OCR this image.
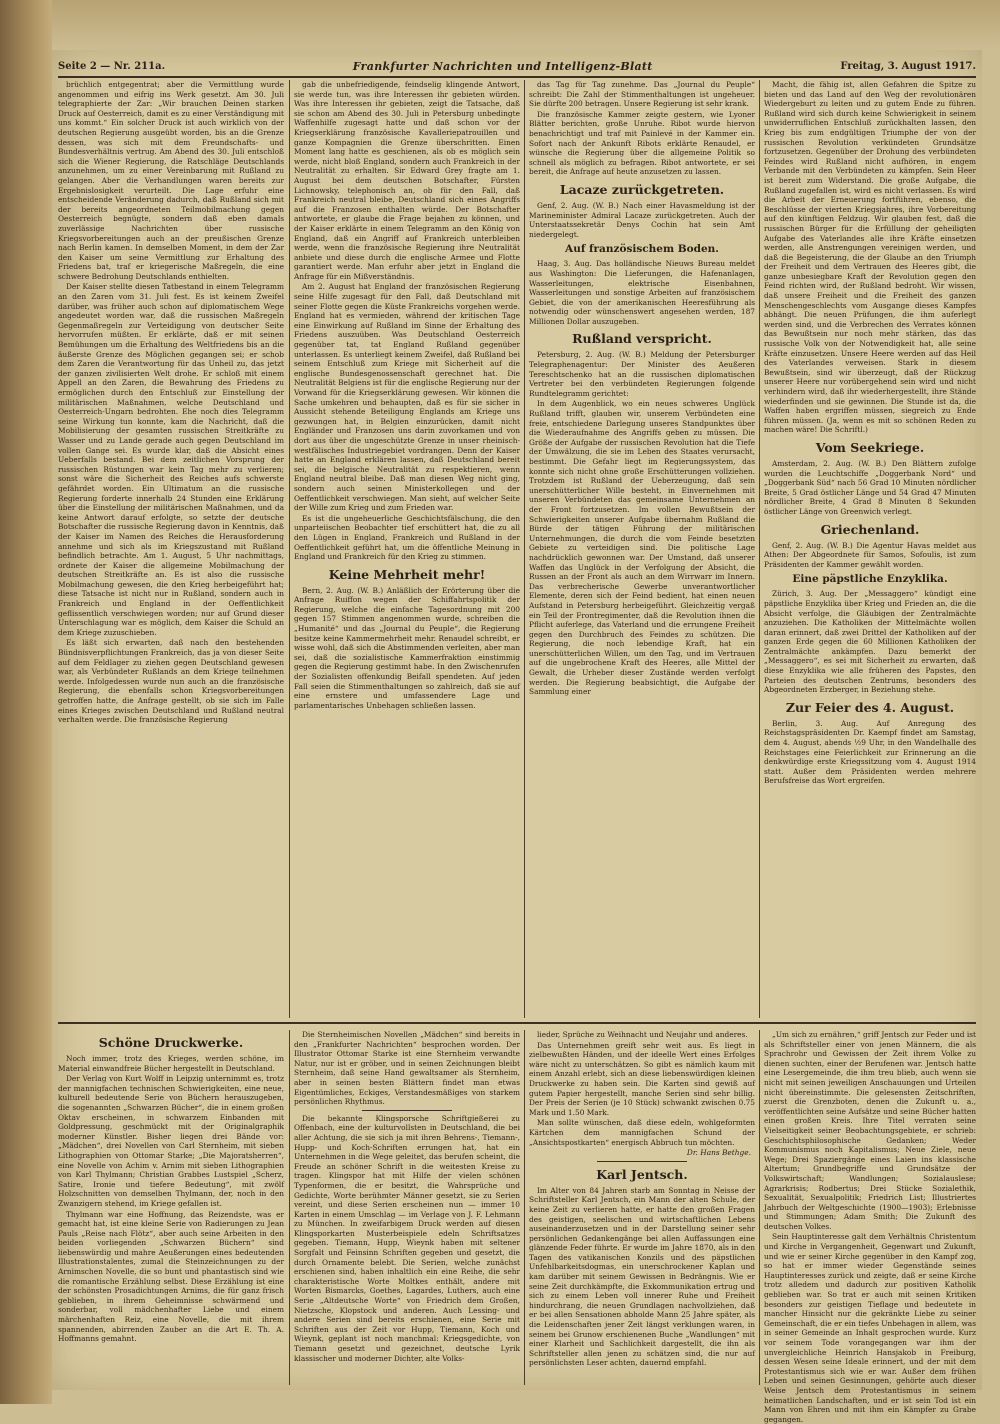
Seite 2 — Nr. 211a.	Frankfurter Nachrichten und Intelligenz-Blatt	Freitag, 3. August 1917.

brüchlich entgegentrat; aber die Vermittlung wurde angenommen und eifrig ins Werk gesetzt. Am 30. Juli telegraphierte der Zar: „Wir brauchen Deinen starken Druck auf Oesterreich, damit es zu einer Verständigung mit uns kommt.“ Ein solcher Druck ist auch wirklich von der deutschen Regierung ausgeübt worden, bis an die Grenze dessen, was sich mit dem Freundschafts- und Bundesverhältnis vertrug. Am Abend des 30. Juli entschloß sich die Wiener Regierung, die Ratschläge Deutschlands anzunehmen, um zu einer Vereinbarung mit Rußland zu gelangen. Aber die Verhandlungen waren bereits zur Ergebnislosigkeit verurteilt. Die Lage erfuhr eine entscheidende Veränderung dadurch, daß Rußland sich mit der bereits angeordneten Teilmobilmachung gegen Oesterreich begnügte, sondern daß eben damals zuverlässige Nachrichten über russische Kriegsvorbereitungen auch an der preußischen Grenze nach Berlin kamen. In demselben Moment, in dem der Zar den Kaiser um seine Vermittlung zur Erhaltung des Friedens bat, traf er kriegerische Maßregeln, die eine schwere Bedrohung Deutschlands enthielten.

Der Kaiser stellte diesen Tatbestand in einem Telegramm an den Zaren vom 31. Juli fest. Es ist keinem Zweifel darüber, was früher auch schon auf diplomatischem Wege angedeutet worden war, daß die russischen Maßregeln Gegenmaßregeln zur Verteidigung von deutscher Seite hervorrufen müßten. Er erklärte, daß er mit seinen Bemühungen um die Erhaltung des Weltfriedens bis an die äußerste Grenze des Möglichen gegangen sei; er schob dem Zaren die Verantwortung für das Unheil zu, das jetzt der ganzen zivilisierten Welt drohe. Er schloß mit einem Appell an den Zaren, die Bewahrung des Friedens zu ermöglichen durch den Entschluß zur Einstellung der militärischen Maßnahmen, welche Deutschland und Oesterreich-Ungarn bedrohten. Ehe noch dies Telegramm seine Wirkung tun konnte, kam die Nachricht, daß die Mobilisierung der gesamten russischen Streitkräfte zu Wasser und zu Lande gerade auch gegen Deutschland im vollen Gange sei. Es wurde klar, daß die Absicht eines Ueberfalls bestand. Bei dem zeitlichen Vorsprung der russischen Rüstungen war kein Tag mehr zu verlieren; sonst wäre die Sicherheit des Reiches aufs schwerste gefährdet worden. Ein Ultimatum an die russische Regierung forderte innerhalb 24 Stunden eine Erklärung über die Einstellung der militärischen Maßnahmen, und da keine Antwort darauf erfolgte, so setzte der deutsche Botschafter die russische Regierung davon in Kenntnis, daß der Kaiser im Namen des Reiches die Herausforderung annehme und sich als im Kriegszustand mit Rußland befindlich betrachte. Am 1. August, 5 Uhr nachmittags, ordnete der Kaiser die allgemeine Mobilmachung der deutschen Streitkräfte an. Es ist also die russische Mobilmachung gewesen, die den Krieg herbeigeführt hat; diese Tatsache ist nicht nur in Rußland, sondern auch in Frankreich und England in der Oeffentlichkeit geflissentlich verschwiegen worden; nur auf Grund dieser Unterschlagung war es möglich, dem Kaiser die Schuld an dem Kriege zuzuschieben.

Es läßt sich erwarten, daß nach den bestehenden Bündnisverpflichtungen Frankreich, das ja von dieser Seite auf dem Feldlager zu ziehen gegen Deutschland gewesen war, als Verbündeter Rußlands an dem Kriege teilnehmen werde. Infolgedessen wurde nun auch an die französische Regierung, die ebenfalls schon Kriegsvorbereitungen getroffen hatte, die Anfrage gestellt, ob sie sich im Falle eines Krieges zwischen Deutschland und Rußland neutral verhalten werde. Die französische Regierung

gab die unbefriedigende, feindselig klingende Antwort, sie werde tun, was ihre Interessen ihr gebieten würden. Was ihre Interessen ihr gebieten, zeigt die Tatsache, daß sie schon am Abend des 30. Juli in Petersburg unbedingte Waffenhilfe zugesagt hatte und daß schon vor der Kriegserklärung französische Kavalleriepatrouillen und ganze Kompagnien die Grenze überschritten. Einen Moment lang hatte es geschienen, als ob es möglich sein werde, nicht bloß England, sondern auch Frankreich in der Neutralität zu erhalten. Sir Edward Grey fragte am 1. August bei dem deutschen Botschafter, Fürsten Lichnowsky, telephonisch an, ob für den Fall, daß Frankreich neutral bleibe, Deutschland sich eines Angriffs auf die Franzosen enthalten würde. Der Botschafter antwortete, er glaube die Frage bejahen zu können, und der Kaiser erklärte in einem Telegramm an den König von England, daß ein Angriff auf Frankreich unterbleiben werde, wenn die französische Regierung ihre Neutralität anbiete und diese durch die englische Armee und Flotte garantiert werde. Man erfuhr aber jetzt in England die Anfrage für ein Mißverständnis.

Am 2. August hat England der französischen Regierung seine Hilfe zugesagt für den Fall, daß Deutschland mit seiner Flotte gegen die Küste Frankreichs vorgehen werde. England hat es vermieden, während der kritischen Tage eine Einwirkung auf Rußland im Sinne der Erhaltung des Friedens auszuüben. Was Deutschland Oesterreich gegenüber tat, tat England Rußland gegenüber unterlassen. Es unterliegt keinem Zweifel, daß Rußland bei seinem Entschluß zum Kriege mit Sicherheit auf die englische Bundesgenossenschaft gerechnet hat. Die Neutralität Belgiens ist für die englische Regierung nur der Vorwand für die Kriegserklärung gewesen. Wir können die Sache umkehren und behaupten, daß es für sie sicher in Aussicht stehende Beteiligung Englands am Kriege uns gezwungen hat, in Belgien einzurücken, damit nicht Engländer und Franzosen uns darin zuvorkamen und von dort aus über die ungeschützte Grenze in unser rheinisch-westfälisches Industriegebiet vordrangen. Denn der Kaiser hatte an England erklären lassen, daß Deutschland bereit sei, die belgische Neutralität zu respektieren, wenn England neutral bleibe. Daß man diesen Weg nicht ging, sondern auch seinen Ministerkollegen und der Oeffentlichkeit verschwiegen. Man sieht, auf welcher Seite der Wille zum Krieg und zum Frieden war.

Es ist die ungeheuerliche Geschichtsfälschung, die den unparteiischen Beobachter tief erschüttert hat, die zu all den Lügen in England, Frankreich und Rußland in der Oeffentlichkeit geführt hat, um die öffentliche Meinung in England und Frankreich für den Krieg zu stimmen.

Keine Mehrheit mehr!

Bern, 2. Aug. (W. B.) Anläßlich der Erörterung über die Anfrage Ruiffon wegen der Schiffahrtspolitik der Regierung, welche die einfache Tagesordnung mit 200 gegen 157 Stimmen angenommen wurde, schreiben die „Humanité“ und das „Journal du Peuple“, die Regierung besitze keine Kammermehrheit mehr. Renaudel schreibt, er wisse wohl, daß sich die Abstimmenden verleiten, aber man sei, daß die sozialistische Kammerfraktion einstimmig gegen die Regierung gestimmt habe. In den Zwischenrufen der Sozialisten offenkundig Beifall spendeten. Auf jeden Fall seien die Stimmenthaltungen so zahlreich, daß sie auf eine ernstere und umfassendere Lage und parlamentarisches Unbehagen schließen lassen.

das Tag für Tag zunehme. Das „Journal du Peuple“ schreibt: Die Zahl der Stimmenthaltungen ist ungeheuer. Sie dürfte 200 betragen. Unsere Regierung ist sehr krank.

Die französische Kammer zeigte gestern, wie Lyoner Blätter berichten, große Unruhe. Ribot wurde hiervon benachrichtigt und traf mit Painlevé in der Kammer ein. Sofort nach der Ankunft Ribots erklärte Renaudel, er wünsche die Regierung über die allgemeine Politik so schnell als möglich zu befragen. Ribot antwortete, er sei bereit, die Anfrage auf heute anzusetzen zu lassen.

Lacaze zurückgetreten.

Genf, 2. Aug. (W. B.) Nach einer Havasmeldung ist der Marineminister Admiral Lacaze zurückgetreten. Auch der Unterstaatssekretär Denys Cochin hat sein Amt niedergelegt.

Auf französischem Boden.

Haag, 3. Aug. Das holländische Nieuws Bureau meldet aus Washington: Die Lieferungen, die Hafenanlagen, Wasserleitungen, elektrische Eisenbahnen, Wasserleitungen und sonstige Arbeiten auf französischem Gebiet, die von der amerikanischen Heeresführung als notwendig oder wünschenswert angesehen werden, 187 Millionen Dollar auszugeben.

Rußland verspricht.

Petersburg, 2. Aug. (W. B.) Meldung der Petersburger Telegraphenagentur: Der Minister des Aeußeren Tereschtschenko hat an die russischen diplomatischen Vertreter bei den verbündeten Regierungen folgende Rundtelegramm gerichtet:

In dem Augenblick, wo ein neues schweres Unglück Rußland trifft, glauben wir, unserem Verbündeten eine freie, entschiedene Darlegung unseres Standpunktes über die Wiederaufnahme des Angriffs geben zu müssen. Die Größe der Aufgabe der russischen Revolution hat die Tiefe der Umwälzung, die sie im Leben des Staates verursacht, bestimmt. Die Gefahr liegt im Regierungssystem, das konnte sich nicht ohne große Erschütterungen vollziehen. Trotzdem ist Rußland der Ueberzeugung, daß sein unerschütterlicher Wille besteht, in Einvernehmen mit unseren Verbündeten das gemeinsame Unternehmen an der Front fortzusetzen. Im vollen Bewußtsein der Schwierigkeiten unserer Aufgabe übernahm Rußland die Bürde der tätigen Führung der militärischen Unternehmungen, die durch die vom Feinde besetzten Gebiete zu verteidigen sind. Die politische Lage nachdrücklich gewonnen war. Der Umstand, daß unserer Waffen das Unglück in der Verfolgung der Absicht, die Russen an der Front als auch an dem Wirrwarr im Innern. Das verbrecherische Gewerbe unverantwortlicher Elemente, deren sich der Feind bedient, hat einen neuen Aufstand in Petersburg herbeigeführt. Gleichzeitig vergaß ein Teil der Frontregimenter, daß die Revolution ihnen die Pflicht auferlege, das Vaterland und die errungene Freiheit gegen den Durchbruch des Feindes zu schützen. Die Regierung, die noch lebendige Kraft, hat ein unerschütterlichen Willen, um den Tag, und im Vertrauen auf die ungebrochene Kraft des Heeres, alle Mittel der Gewalt, die Urheber dieser Zustände werden verfolgt werden. Die Regierung beabsichtigt, die Aufgabe der Sammlung einer

Macht, die fähig ist, allen Gefahren die Spitze zu bieten und das Land auf den Weg der revolutionären Wiedergeburt zu leiten und zu gutem Ende zu führen. Rußland wird sich durch keine Schwierigkeit in seinem unwiderruflichen Entschluß zurückhalten lassen, den Krieg bis zum endgültigen Triumphe der von der russischen Revolution verkündeten Grundsätze fortzusetzen. Gegenüber der Drohung des verbündeten Feindes wird Rußland nicht aufhören, in engem Verbande mit den Verbündeten zu kämpfen. Sein Heer ist bereit zum Widerstand. Die große Aufgabe, die Rußland zugefallen ist, wird es nicht verlassen. Es wird die Arbeit der Erneuerung fortführen, ebenso, die Beschlüsse der vierten Kriegsjahres, ihre Vorbereitung auf den künftigen Feldzug. Wir glauben fest, daß die russischen Bürger für die Erfüllung der geheiligten Aufgabe des Vaterlandes alle ihre Kräfte einsetzen werden, alle Anstrengungen vereinigen werden, und daß die Begeisterung, die der Glaube an den Triumph der Freiheit und dem Vertrauen des Heeres gibt, die ganze unbesiegbare Kraft der Revolution gegen den Feind richten wird, der Rußland bedroht. Wir wissen, daß unsere Freiheit und die Freiheit des ganzen Menschengeschlechts vom Ausgange dieses Kampfes abhängt. Die neuen Prüfungen, die ihm auferlegt werden sind, und die Verbrechen des Verrates können das Bewußtsein nur noch mehr stärken, das das russische Volk von der Notwendigkeit hat, alle seine Kräfte einzusetzen. Unsere Heere werden auf das Heil des Vaterlandes verweisen. Stark in diesem Bewußtsein, sind wir überzeugt, daß der Rückzug unserer Heere nur vorübergehend sein wird und nicht verhindern wird, daß ihr wiederhergestellt, ihre Stände wiederfinden und sie gewinnen. Die Stunde ist da, die Waffen haben ergriffen müssen, siegreich zu Ende führen müssen. (Ja, wenn es mit so schönen Reden zu machen wäre! Die Schriftl.)

Vom Seekriege.

Amsterdam, 2. Aug. (W. B.) Den Blättern zufolge wurden die Leuchtschiffe „Doggerbank Nord“ und „Doggerbank Süd“ nach 56 Grad 10 Minuten nördlicher Breite, 5 Grad östlicher Länge und 54 Grad 47 Minuten nördlicher Breite, 4 Grad 8 Minuten 8 Sekunden östlicher Länge von Greenwich verlegt.

Griechenland.

Genf, 2. Aug. (W. B.) Die Agentur Havas meldet aus Athen: Der Abgeordnete für Samos, Sofoulis, ist zum Präsidenten der Kammer gewählt worden.

Eine päpstliche Enzyklika.

Zürich, 3. Aug. Der „Messaggero“ kündigt eine päpstliche Enzyklika über Krieg und Frieden an, die die Absicht verfolge, die Gläubigen der Zentralmächte anzuziehen. Die Katholiken der Mittelmächte wollen daran erinnert, daß zwei Drittel der Katholiken auf der ganzen Erde gegen die 60 Millionen Katholiken der Zentralmächte ankämpfen. Dazu bemerkt der „Messaggero“, es sei mit Sicherheit zu erwarten, daß diese Enzyklika wie alle früheren des Papstes, den Parteien des deutschen Zentrums, besonders des Abgeordneten Erzberger, in Beziehung stehe.

Zur Feier des 4. August.

Berlin, 3. Aug. Auf Anregung des Reichstagspräsidenten Dr. Kaempf findet am Samstag, dem 4. August, abends ½9 Uhr, in den Wandelhalle des Reichstages eine Feierlichkeit zur Erinnerung an die denkwürdige erste Kriegssitzung vom 4. August 1914 statt. Außer dem Präsidenten werden mehrere Berufsfreise das Wort ergreifen.

Schöne Druckwerke.

Noch immer, trotz des Krieges, werden schöne, im Material einwandfreie Bücher hergestellt in Deutschland.

Der Verlag von Kurt Wolff in Leipzig unternimmt es, trotz der mannigfachen technischen Schwierigkeiten, eine neue, kulturell bedeutende Serie von Büchern herauszugeben, die sogenannten „Schwarzen Bücher“, die in einem großen Oktav erscheinen, in schwarzem Einbanden mit Goldpressung, geschmückt mit der Originalgraphik moderner Künstler. Bisher liegen drei Bände vor: „Mädchen“, drei Novellen von Carl Sternheim, mit sieben Lithographien von Ottomar Starke; „Die Majoratsherren“, eine Novelle von Achim v. Arnim mit sieben Lithographien von Karl Thylmann; Christian Grabbes Lustspiel „Scherz, Satire, Ironie und tiefere Bedeutung“, mit zwölf Holzschnitten von demselben Thylmann, der, noch in den Zwanzigern stehend, im Kriege gefallen ist.

Thylmann war eine Hoffnung, das Reizendste, was er gemacht hat, ist eine kleine Serie von Radierungen zu Jean Pauls „Reise nach Flötz“, aber auch seine Arbeiten in den beiden vorliegenden „Schwarzen Büchern“ sind liebenswürdig und mahre Aeußerungen eines bedeutenden Illustrationstalentes, zumal die Steinzeichnungen zu der Arnimschen Novelle, die so bunt und phantastisch sind wie die romantische Erzählung selbst. Diese Erzählung ist eine der schönsten Prosadichtungen Arnims, die für ganz frisch geblieben, in ihrem Geheimnisse schwärmend und sonderbar, voll mädchenhafter Liebe und einem märchenhaften Reiz, eine Novelle, die mit ihrem spannenden, abirrenden Zauber an die Art E. Th. A. Hoffmanns gemahnt.

Die Sternheimischen Novellen „Mädchen“ sind bereits in den „Frankfurter Nachrichten“ besprochen worden. Der Illustrator Ottomar Starke ist eine Sternheim verwandte Natur, nur ist er gröber, und in seinen Zeichnungen bleibt Sternheim, daß seine Hand gewaltsamer als Sternheim, aber in seinen besten Blättern findet man etwas Eigentümliches, Eckiges, Verstandesmäßiges von starkem persönlichen Rhythmus.

Die bekannte Klingsporsche Schriftgießerei zu Offenbach, eine der kulturvollsten in Deutschland, die bei aller Achtung, die sie sich ja mit ihren Behrens-, Tiemann-, Hupp- und Koch-Schriften errungen hat, hat ein Unternehmen in die Wege geleitet, das berufen scheint, die Freude an schöner Schrift in die weitesten Kreise zu tragen. Klingspor hat mit Hilfe der vielen schönen Typenformen, die er besitzt, die Wahrsprüche und Gedichte, Worte berühmter Männer gesetzt, sie zu Serien vereint, und diese Serien erscheinen nun — immer 10 Karten in einem Umschlag — im Verlage von J. F. Lehmann zu München. In zweifarbigem Druck werden auf diesen Klingsporkarten Musterbeispiele edeln Schriftsatzes gegeben. Tiemann, Hupp, Wieynk haben mit seltener Sorgfalt und Feinsinn Schriften gegeben und gesetzt, die durch Ornamente belebt. Die Serien, welche zunächst erschienen sind, haben inhaltlich ein eine Reihe, die sehr charakteristische Worte Moltkes enthält, andere mit Worten Bismarcks, Goethes, Lagardes, Luthers, auch eine Serie „Altdeutsche Worte“ von Friedrich dem Großen, Nietzsche, Klopstock und anderen. Auch Lessing- und andere Serien sind bereits erschienen, eine Serie mit Schriften aus der Zeit vor Hupp, Tiemann, Koch und Wieynk, geplant ist noch manchmal: Kriegsgedichte, von Tiemann gesetzt und gezeichnet, deutsche Lyrik klassischer und moderner Dichter, alte Volks-

lieder, Sprüche zu Weihnacht und Neujahr und anderes.

Das Unternehmen greift sehr weit aus. Es liegt in zielbewußten Händen, und der ideelle Wert eines Erfolges wäre nicht zu unterschätzen. So gibt es nämlich kaum mit einem Anzahl erlebt, sich an diese liebenswürdigen kleinen Druckwerke zu haben sein. Die Karten sind gewiß auf gutem Papier hergestellt, manche Serien sind sehr billig. Der Preis der Serien (je 10 Stück) schwankt zwischen 0.75 Mark und 1.50 Mark.

Man sollte wünschen, daß diese edeln, wohlgeformten Kärtchen dem mannigfachen Schund der „Ansichtspostkarten“ energisch Abbruch tun möchten.

Dr. Hans Bethge.
Karl Jentsch.

Im Alter von 84 Jahren starb am Sonntag in Neisse der Schriftsteller Karl Jentsch, ein Mann der alten Schule, der keine Zeit zu verlieren hatte, er hatte den großen Fragen des geistigen, seelischen und wirtschaftlichen Lebens auseinanderzusetzen und in der Darstellung seiner sehr persönlichen Gedankengänge bei allen Auffassungen eine glänzende Feder führte. Er wurde im Jahre 1870, als in den Tagen des vatikanischen Konzils und des päpstlichen Unfehlbarkeitsdogmas, ein unerschrockener Kaplan und kam darüber mit seinem Gewissen in Bedrängnis. Wie er seine Zeit durchkämpfte, die Exkommunikation ertrug und sich zu einem Leben voll innerer Ruhe und Freiheit hindurchrang, die neuen Grundlagen nachvollziehen, daß er bei allen Sensationen abholde Mann 25 Jahre später, als die Leidenschaften jener Zeit längst verklungen waren, in seinem bei Grunow erschienenen Buche „Wandlungen“ mit einer Klarheit und Sachlichkeit dargestellt, die ihn als Schriftsteller allen jenen zu schätzen sind, die nur auf persönlichsten Leser achten, dauernd empfahl.

„Um sich zu ernähren,“ griff Jentsch zur Feder und ist als Schriftsteller einer von jenen Männern, die als Sprachrohr und Gewissen der Zeit ihrem Volke zu dienen suchten, einer der Berufenen war. Jentsch hatte eine Lesergemeinde, die ihm treu blieb, auch wenn sie nicht mit seinen jeweiligen Anschauungen und Urteilen nicht übereinstimmte. Die gelesensten Zeitschriften, zuerst die Grenzboten, denen die Zukunft u. a., veröffentlichten seine Aufsätze und seine Bücher hatten einen großen Kreis. Ihre Titel verraten seine Vielseitigkeit seiner Beobachtungsgebiete, er schrieb: Geschichtsphilosophische Gedanken; Weder Kommunismus noch Kapitalismus; Neue Ziele, neue Wege; Drei Spaziergänge eines Laien ins klassische Altertum; Grundbegriffe und Grundsätze der Volkswirtschaft; Wandlungen; Sozialauslese; Agrarkrisis; Rodbertus; Drei Stücke Sozialethik, Sexualität, Sexualpolitik; Friedrich List; Illustriertes Jahrbuch der Weltgeschichte (1900—1903); Erlebnisse und Stimmungen; Adam Smith; Die Zukunft des deutschen Volkes.

Sein Hauptinteresse galt dem Verhältnis Christentum und Kirche in Vergangenheit, Gegenwart und Zukunft, und wie er seiner Kirche gegenüber in den Kampf zog, so hat er immer wieder Gegenstände seines Hauptinteresses zurück und zeigte, daß er seine Kirche trotz alledem und dadurch zur positiven Katholik geblieben war. So trat er auch mit seinen Kritiken besonders zur geistigen Tieflage und bedeutete in mancher Hinsicht nur die gekränkte Liebe zu seiner Gemeinschaft, die er ein tiefes Unbehagen in allem, was in seiner Gemeinde an Inhalt gesprochen wurde. Kurz vor seinem Tode vorangegangen war ihm der unvergleichliche Heinrich Hansjakob in Freiburg, dessen Wesen seine Ideale erinnert, und der mit dem Protestantismus sich wie er war. Außer dem frühen Leben und seinen Gesinnungen, gehörte auch dieser Weise Jentsch dem Protestantismus in seinem heimatlichen Landschaften, und er ist sein Tod ist ein Mann von Ehren und mit ihm ein Kämpfer zu Grabe gegangen.
